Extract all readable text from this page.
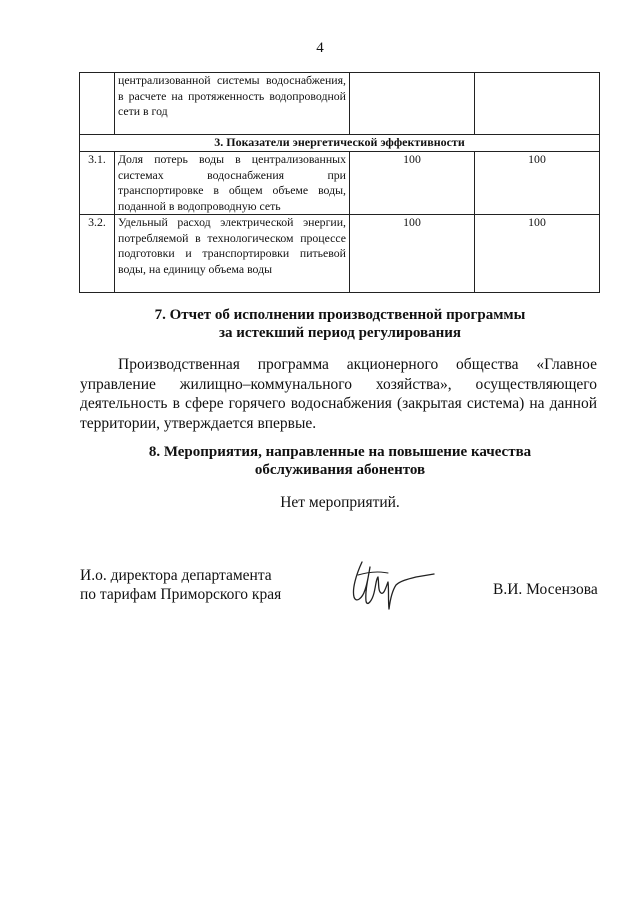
4
	централизованной системы водоснабжения, в расчете на протяженность водопроводной сети в год		
3. Показатели энергетической эффективности			
3.1.	Доля потерь воды в централизованных системах водоснабжения при транспортировке в общем объеме воды, поданной в водопроводную сеть	100	100
3.2.	Удельный расход электрической энергии, потребляемой в технологическом процессе подготовки и транспортировки питьевой воды, на единицу объема воды	100	100
7. Отчет об исполнении производственной программы
за истекший период регулирования

Производственная программа акционерного общества «Главное управление жилищно–коммунального хозяйства», осуществляющего деятельность в сфере горячего водоснабжения (закрытая система) на данной территории, утверждается впервые.

8. Мероприятия, направленные на повышение качества
обслуживания абонентов
Нет мероприятий.
И.о. директора департамента
по тарифам Приморского края	В.И. Мосензова
